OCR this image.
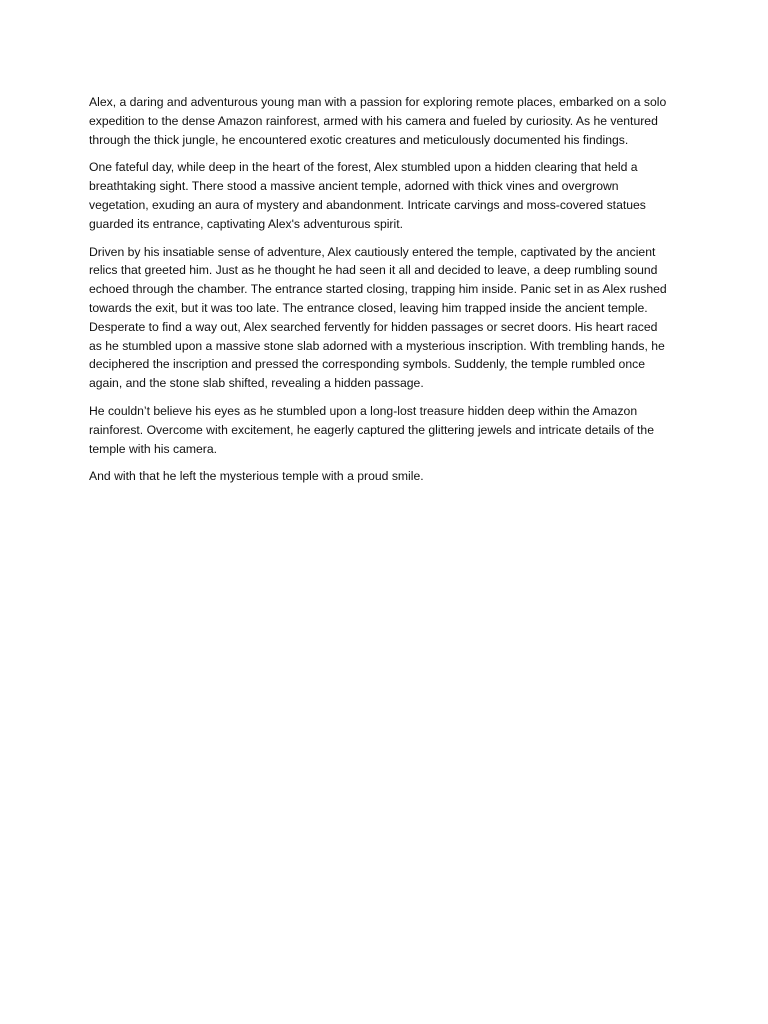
Alex, a daring and adventurous young man with a passion for exploring remote places, embarked on a solo expedition to the dense Amazon rainforest, armed with his camera and fueled by curiosity. As he ventured through the thick jungle, he encountered exotic creatures and meticulously documented his findings.

One fateful day, while deep in the heart of the forest, Alex stumbled upon a hidden clearing that held a breathtaking sight. There stood a massive ancient temple, adorned with thick vines and overgrown vegetation, exuding an aura of mystery and abandonment. Intricate carvings and moss-covered statues guarded its entrance, captivating Alex's adventurous spirit.

Driven by his insatiable sense of adventure, Alex cautiously entered the temple, captivated by the ancient relics that greeted him. Just as he thought he had seen it all and decided to leave, a deep rumbling sound echoed through the chamber. The entrance started closing, trapping him inside. Panic set in as Alex rushed towards the exit, but it was too late. The entrance closed, leaving him trapped inside the ancient temple. Desperate to find a way out, Alex searched fervently for hidden passages or secret doors. His heart raced as he stumbled upon a massive stone slab adorned with a mysterious inscription. With trembling hands, he deciphered the inscription and pressed the corresponding symbols. Suddenly, the temple rumbled once again, and the stone slab shifted, revealing a hidden passage.

He couldn’t believe his eyes as he stumbled upon a long-lost treasure hidden deep within the Amazon rainforest. Overcome with excitement, he eagerly captured the glittering jewels and intricate details of the temple with his camera.

And with that he left the mysterious temple with a proud smile.
